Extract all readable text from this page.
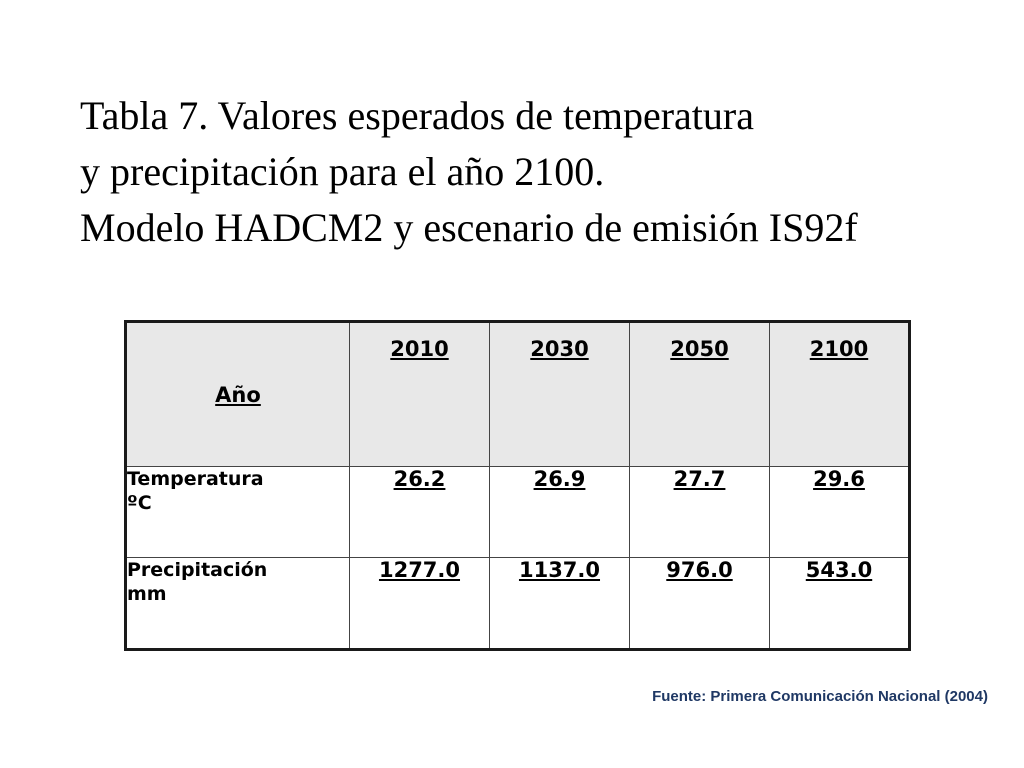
Tabla 7. Valores esperados de temperatura
y precipitación para el año 2100.
Modelo HADCM2 y escenario de emisión IS92f
Año	2010	2030	2050	2100

Temperatura
ºC	26.2	26.9	27.7	29.6

Precipitación
mm	1277.0	1137.0	976.0	543.0
Fuente: Primera Comunicación Nacional (2004)
